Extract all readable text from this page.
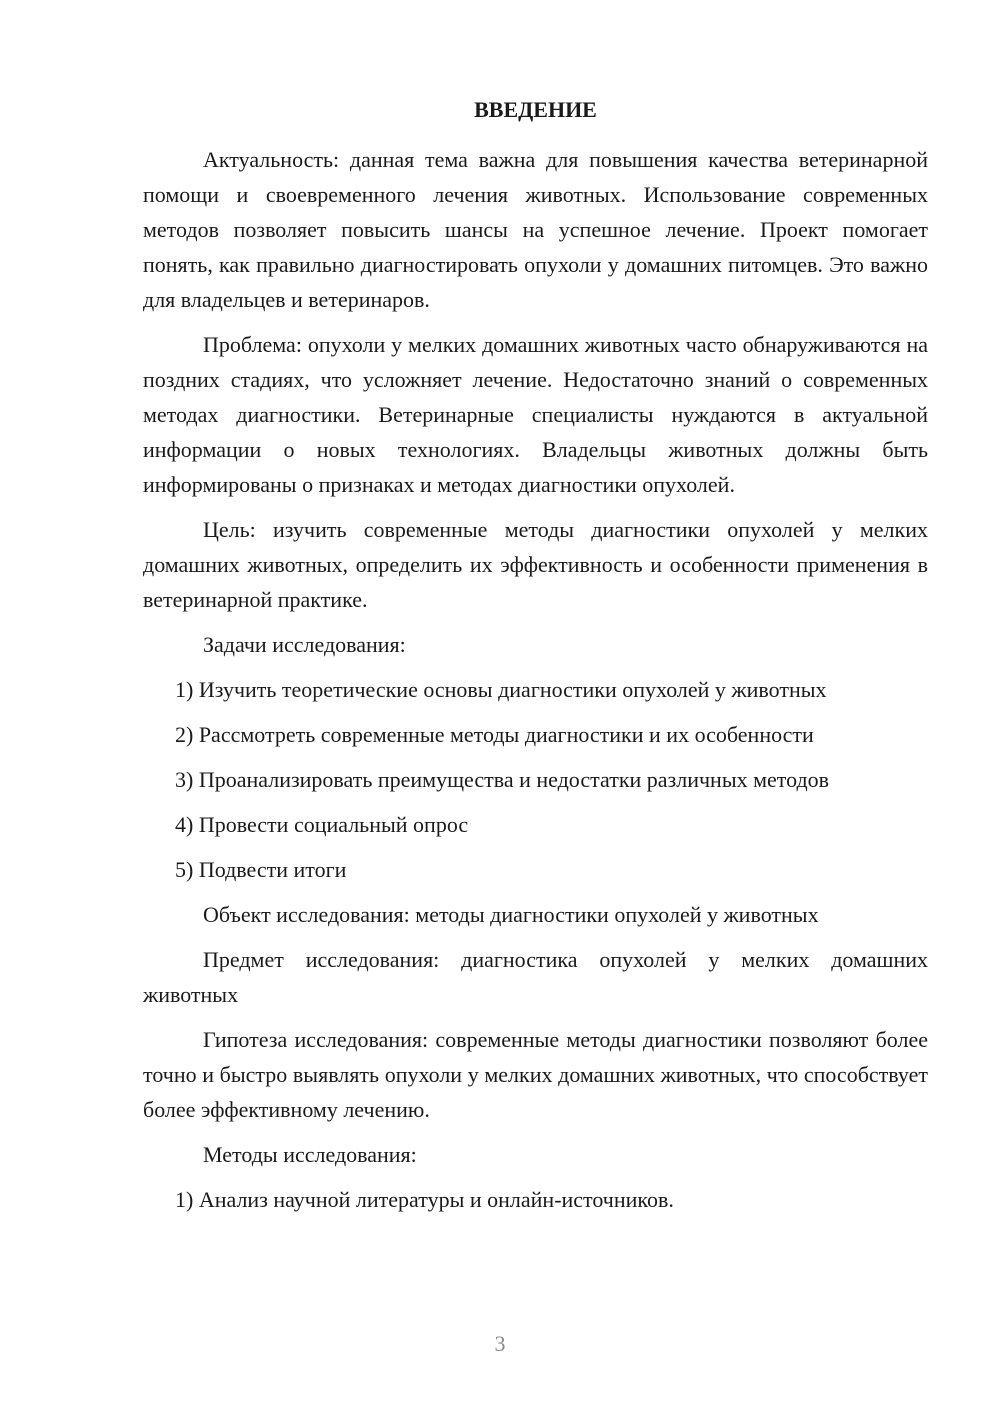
ВВЕДЕНИЕ

Актуальность: данная тема важна для повышения качества ветеринарной помощи и своевременного лечения животных. Использование современных методов позволяет повысить шансы на успешное лечение. Проект помогает понять, как правильно диагностировать опухоли у домашних питомцев. Это важно для владельцев и ветеринаров.

Проблема: опухоли у мелких домашних животных часто обнаруживаются на поздних стадиях, что усложняет лечение. Недостаточно знаний о современных методах диагностики. Ветеринарные специалисты нуждаются в актуальной информации о новых технологиях. Владельцы животных должны быть информированы о признаках и методах диагностики опухолей.

Цель: изучить современные методы диагностики опухолей у мелких домашних животных, определить их эффективность и особенности применения в ветеринарной практике.

Задачи исследования:

1) Изучить теоретические основы диагностики опухолей у животных
2) Рассмотреть современные методы диагностики и их особенности
3) Проанализировать преимущества и недостатки различных методов
4) Провести социальный опрос
5) Подвести итоги

Объект исследования: методы диагностики опухолей у животных

Предмет исследования: диагностика опухолей у мелких домашних животных

Гипотеза исследования: современные методы диагностики позволяют более точно и быстро выявлять опухоли у мелких домашних животных, что способствует более эффективному лечению.

Методы исследования:

1) Анализ научной литературы и онлайн-источников.
3
